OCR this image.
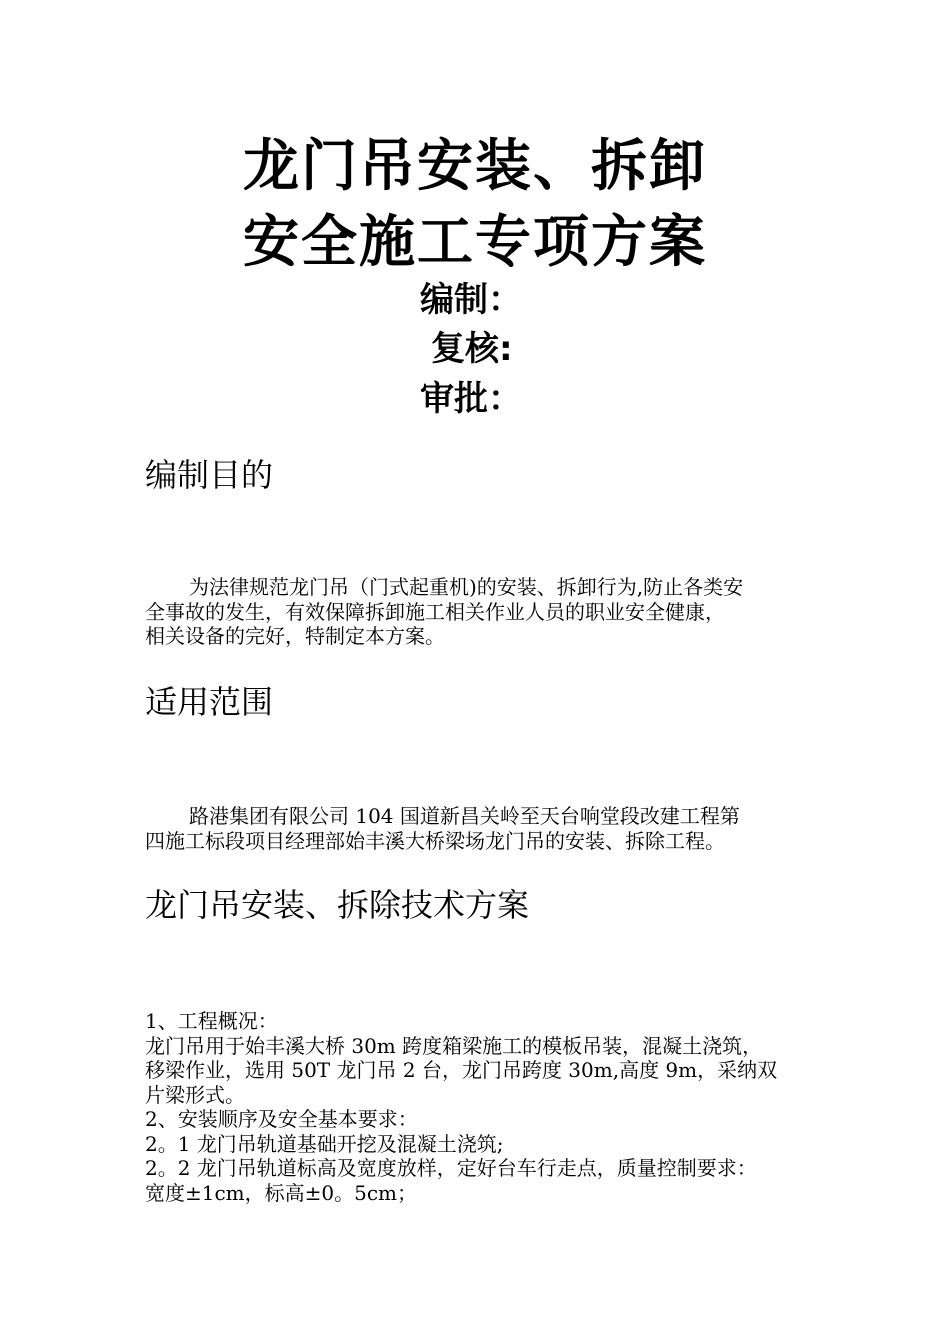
龙门吊安装、拆卸
安全施工专项方案
编制：
复核:
审批：
编制目的
为法律规范龙门吊（门式起重机)的安装、拆卸行为,防止各类安
全事故的发生，有效保障拆卸施工相关作业人员的职业安全健康，
相关设备的完好，特制定本方案。
适用范围
路港集团有限公司 104 国道新昌关岭至天台响堂段改建工程第
四施工标段项目经理部始丰溪大桥梁场龙门吊的安装、拆除工程。
龙门吊安装、拆除技术方案
1、工程概况：
龙门吊用于始丰溪大桥 30m 跨度箱梁施工的模板吊装，混凝土浇筑，
移梁作业，选用 50T 龙门吊 2 台，龙门吊跨度 30m,高度 9m，采纳双
片梁形式。
2、安装顺序及安全基本要求：
2。1 龙门吊轨道基础开挖及混凝土浇筑;
2。2 龙门吊轨道标高及宽度放样，定好台车行走点，质量控制要求：
宽度±1cm，标高±0。5cm；
